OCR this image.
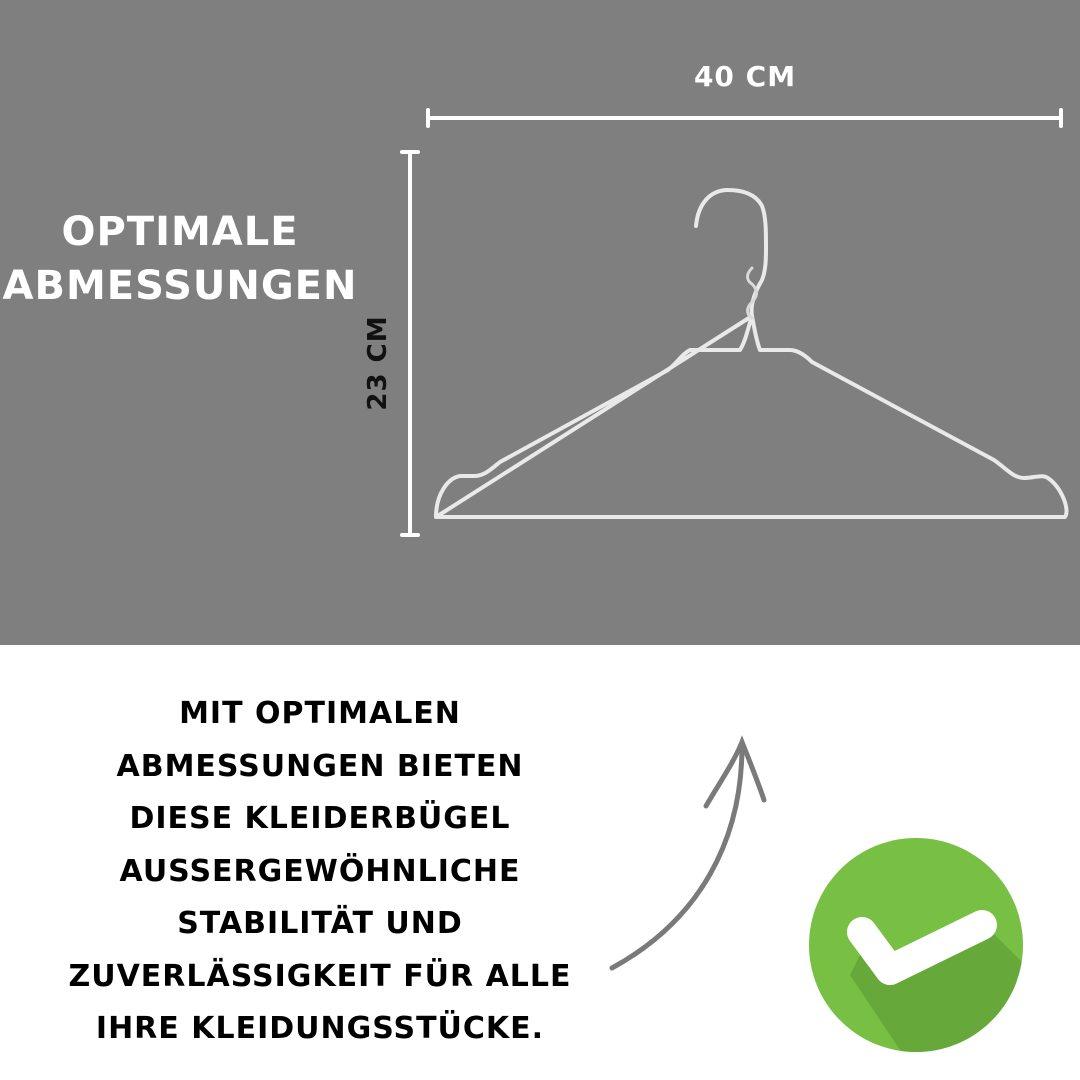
OPTIMALE
ABMESSUNGEN
40 CM
23 CM
MIT OPTIMALEN
ABMESSUNGEN BIETEN
DIESE KLEIDERBÜGEL
AUSSERGEWÖHNLICHE
STABILITÄT UND
ZUVERLÄSSIGKEIT FÜR ALLE
IHRE KLEIDUNGSSTÜCKE.
